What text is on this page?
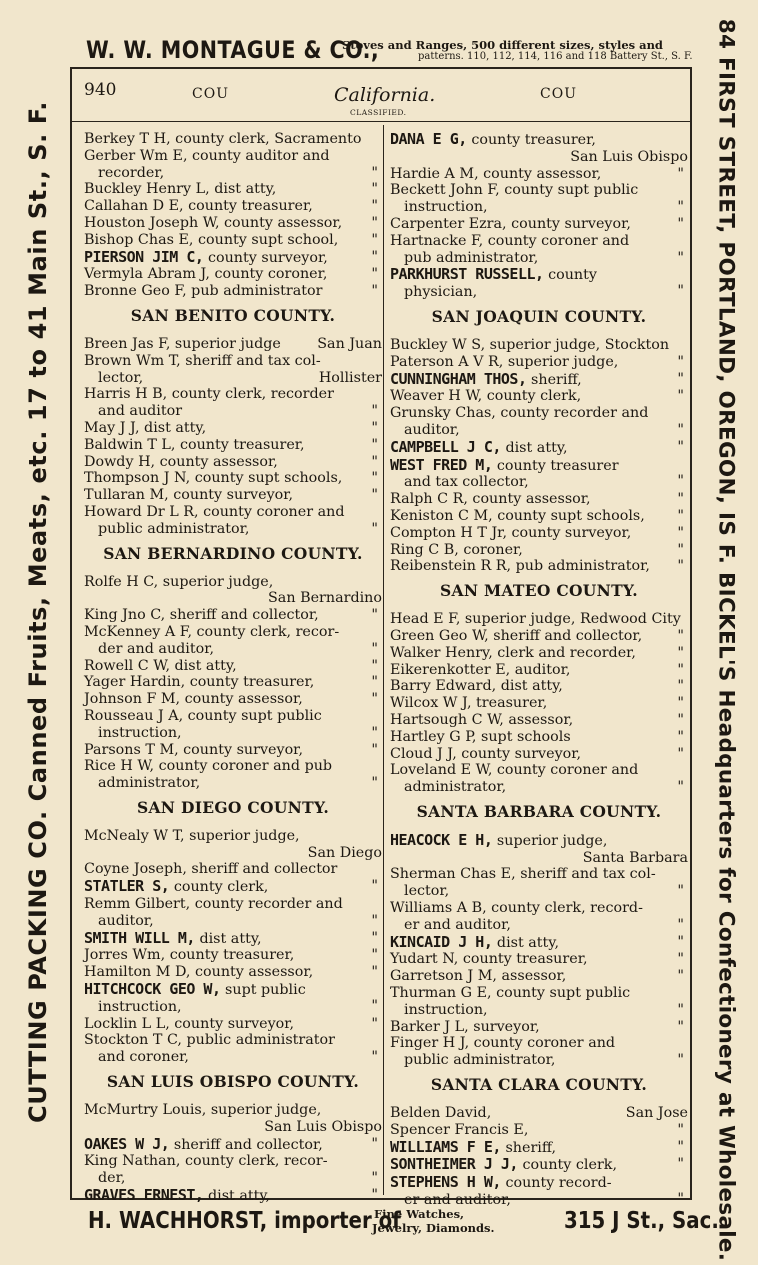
W. W. MONTAGUE & CO.,
Stoves and Ranges, 500 different sizes, styles and
patterns. 110, 112, 114, 116 and 118 Battery St., S. F.
CUTTING PACKING CO. Canned Fruits, Meats, etc. 17 to 41 Main St., S. F.	84 FIRST STREET, PORTLAND, OREGON, IS F. BICKEL'S Headquarters for Confectionery at Wholesale.
940	COU	California.
CLASSIFIED.
COU
Berkey T H, county clerk, Sacramento
Gerber Wm E, county auditor and
recorder,	"
Buckley Henry L, dist atty,	"
Callahan D E, county treasurer,	"
Houston Joseph W, county assessor,	"
Bishop Chas E, county supt school,	"
PIERSON JIM C, county surveyor,	"
Vermyla Abram J, county coroner,	"
Bronne Geo F, pub administrator	"
SAN BENITO COUNTY.
Breen Jas F, superior judge	San Juan
Brown Wm T, sheriff and tax col-
lector,	Hollister
Harris H B, county clerk, recorder
and auditor	"
May J J, dist atty,	"
Baldwin T L, county treasurer,	"
Dowdy H, county assessor,	"
Thompson J N, county supt schools,	"
Tullaran M, county surveyor,	"
Howard Dr L R, county coroner and
public administrator,	"
SAN BERNARDINO COUNTY.
Rolfe H C, superior judge,
San Bernardino
King Jno C, sheriff and collector,	"
McKenney A F, county clerk, recor-
der and auditor,	"
Rowell C W, dist atty,	"
Yager Hardin, county treasurer,	"
Johnson F M, county assessor,	"
Rousseau J A, county supt public
instruction,	"
Parsons T M, county surveyor,	"
Rice H W, county coroner and pub
administrator,	"
SAN DIEGO COUNTY.
McNealy W T, superior judge,
San Diego
Coyne Joseph, sheriff and collector
STATLER S, county clerk,	"
Remm Gilbert, county recorder and
auditor,	"
SMITH WILL M, dist atty,	"
Jorres Wm, county treasurer,	"
Hamilton M D, county assessor,	"
HITCHCOCK GEO W, supt public
instruction,	"
Locklin L L, county surveyor,	"
Stockton T C, public administrator
and coroner,	"
SAN LUIS OBISPO COUNTY.
McMurtry Louis, superior judge,
San Luis Obispo
OAKES W J, sheriff and collector,	"
King Nathan, county clerk, recor-
der,	"
GRAVES ERNEST, dist atty,	"
DANA E G, county treasurer,
San Luis Obispo
Hardie A M, county assessor,	"
Beckett John F, county supt public
instruction,	"
Carpenter Ezra, county surveyor,	"
Hartnacke F, county coroner and
pub administrator,	"
PARKHURST RUSSELL, county
physician,	"
SAN JOAQUIN COUNTY.
Buckley W S, superior judge, Stockton
Paterson A V R, superior judge,	"
CUNNINGHAM THOS, sheriff,	"
Weaver H W, county clerk,	"
Grunsky Chas, county recorder and
auditor,	"
CAMPBELL J C, dist atty,	"
WEST FRED M, county treasurer
and tax collector,	"
Ralph C R, county assessor,	"
Keniston C M, county supt schools,	"
Compton H T Jr, county surveyor,	"
Ring C B, coroner,	"
Reibenstein R R, pub administrator,	"
SAN MATEO COUNTY.
Head E F, superior judge, Redwood City
Green Geo W, sheriff and collector,	"
Walker Henry, clerk and recorder,	"
Eikerenkotter E, auditor,	"
Barry Edward, dist atty,	"
Wilcox W J, treasurer,	"
Hartsough C W, assessor,	"
Hartley G P, supt schools	"
Cloud J J, county surveyor,	"
Loveland E W, county coroner and
administrator,	"
SANTA BARBARA COUNTY.
HEACOCK E H, superior judge,
Santa Barbara
Sherman Chas E, sheriff and tax col-
lector,	"
Williams A B, county clerk, record-
er and auditor,	"
KINCAID J H, dist atty,	"
Yudart N, county treasurer,	"
Garretson J M, assessor,	"
Thurman G E, county supt public
instruction,	"
Barker J L, surveyor,	"
Finger H J, county coroner and
public administrator,	"
SANTA CLARA COUNTY.
Belden David,	San Jose
Spencer Francis E,	"
WILLIAMS F E, sheriff,	"
SONTHEIMER J J, county clerk,	"
STEPHENS H W, county record-
er and auditor,	"
H. WACHHORST, importer of
Fine Watches,
Jewelry, Diamonds.	315 J St., Sac.
